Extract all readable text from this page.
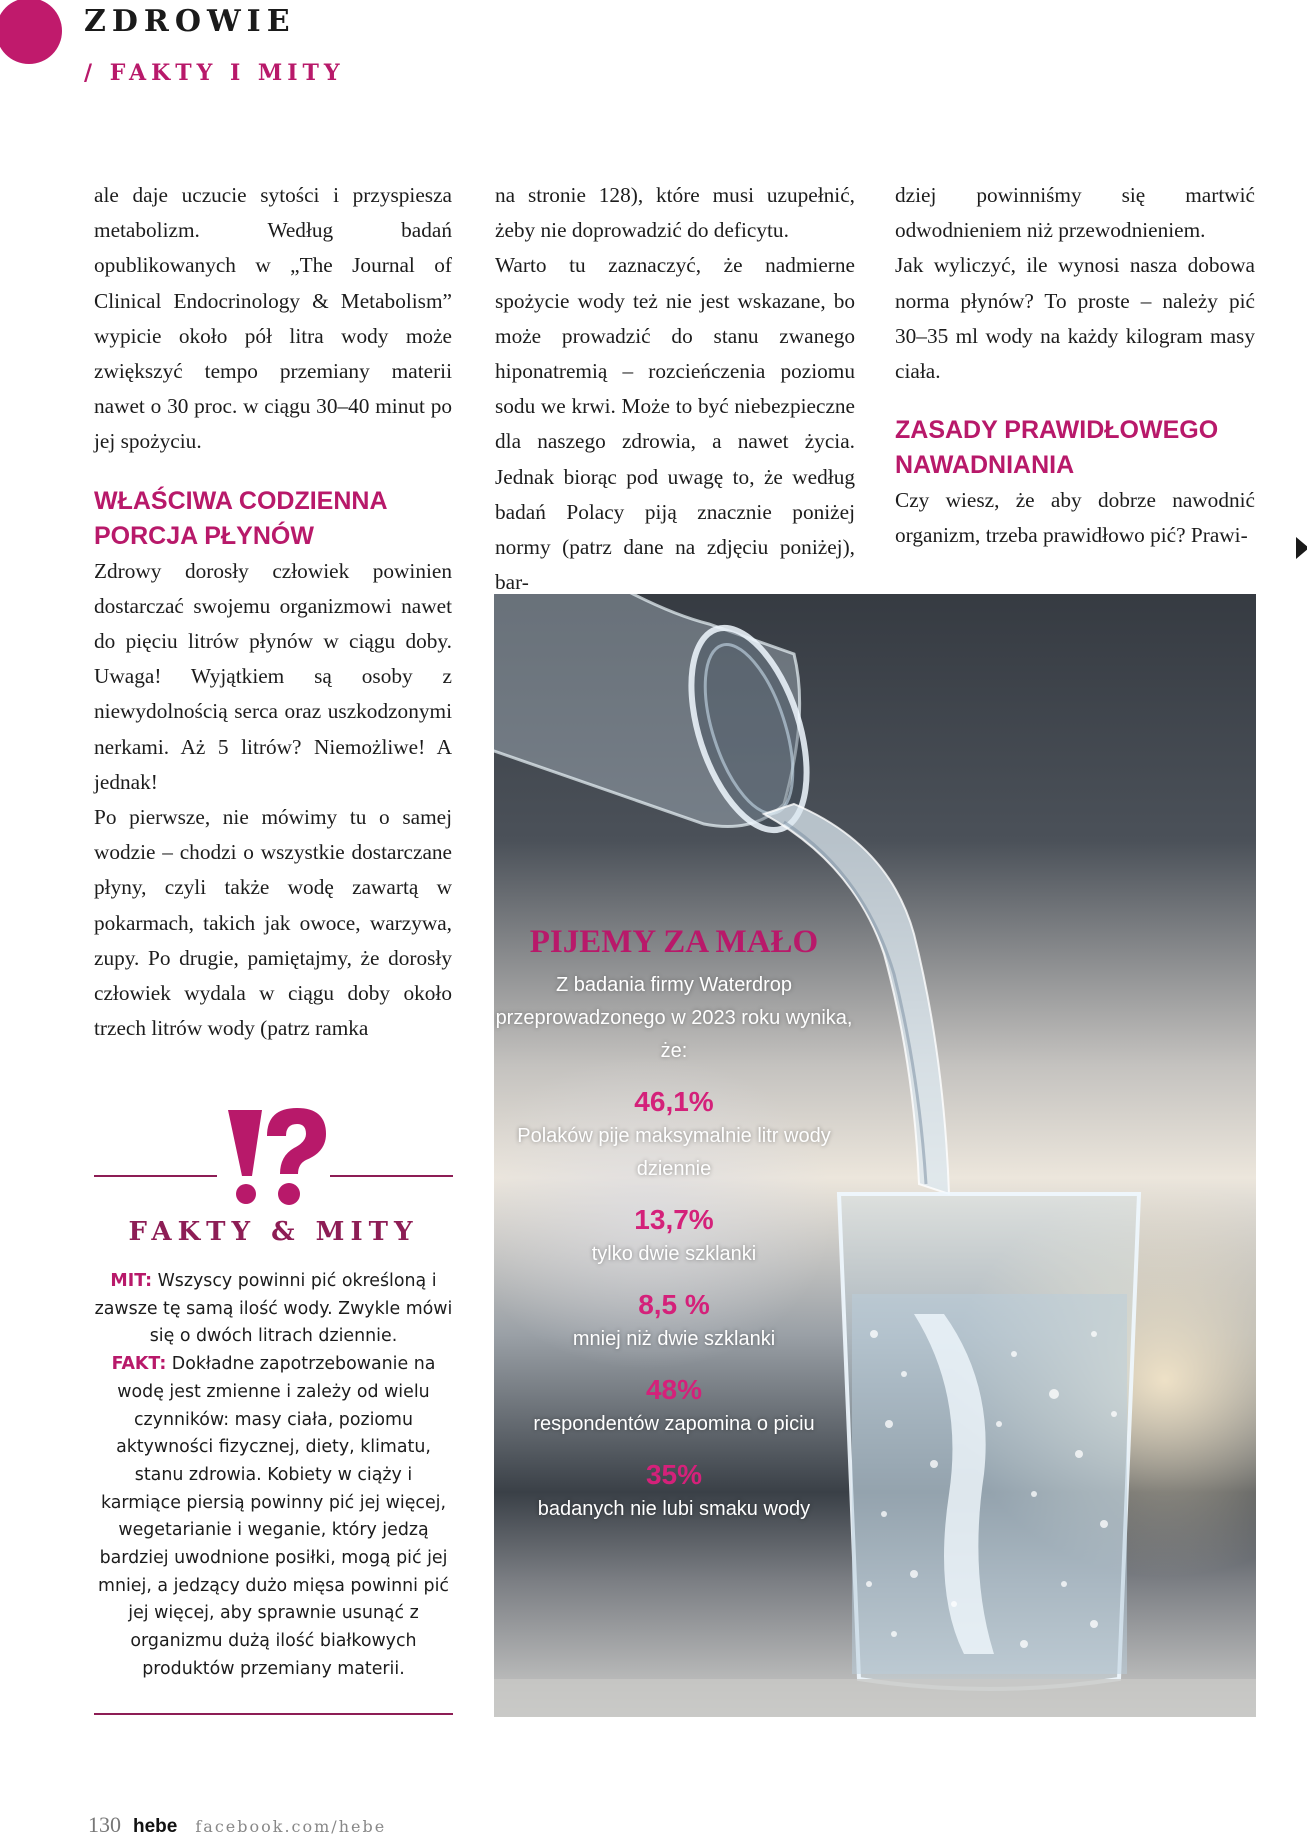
ZDROWIE
/ FAKTY I MITY

ale daje uczucie sytości i przyspiesza metabolizm. Według badań opublikowanych w „The Journal of Clinical Endocrinology & Metabolism” wypicie około pół litra wody może zwiększyć tempo przemiany materii nawet o 30 proc. w ciągu 30–40 minut po jej spożyciu.

WŁAŚCIWA CODZIENNA
PORCJA PŁYNÓW

Zdrowy dorosły człowiek powinien dostarczać swojemu organizmowi nawet do pięciu litrów płynów w ciągu doby. Uwaga! Wyjątkiem są osoby z niewydolnością serca oraz uszkodzonymi nerkami. Aż 5 litrów? Niemożliwe! A jednak!

Po pierwsze, nie mówimy tu o samej wodzie – chodzi o wszystkie dostarczane płyny, czyli także wodę zawartą w pokarmach, takich jak owoce, warzywa, zupy. Po drugie, pamiętajmy, że dorosły człowiek wydala w ciągu doby około trzech litrów wody (patrz ramka

na stronie 128), które musi uzupełnić, żeby nie doprowadzić do deficytu.

Warto tu zaznaczyć, że nadmierne spożycie wody też nie jest wskazane, bo może prowadzić do stanu zwanego hiponatremią – rozcieńczenia poziomu sodu we krwi. Może to być niebezpieczne dla naszego zdrowia, a nawet życia. Jednak biorąc pod uwagę to, że według badań Polacy piją znacznie poniżej normy (patrz dane na zdjęciu poniżej), bar-

dziej powinniśmy się martwić odwodnieniem niż przewodnieniem.

Jak wyliczyć, ile wynosi nasza dobowa norma płynów? To proste – należy pić 30–35 ml wody na każdy kilogram masy ciała.

ZASADY PRAWIDŁOWEGO
NAWADNIANIA

Czy wiesz, że aby dobrze nawodnić organizm, trzeba prawidłowo pić? Prawi-

PIJEMY ZA MAŁO
Z badania firmy Waterdrop przeprowadzonego w 2023 roku wynika, że:
46,1%
Polaków pije maksymalnie litr wody dziennie
13,7%
tylko dwie szklanki
8,5 %
mniej niż dwie szklanki
48%
respondentów zapomina o piciu
35%
badanych nie lubi smaku wody
FAKTY & MITY
MIT: Wszyscy powinni pić określoną i zawsze tę samą ilość wody. Zwykle mówi się o dwóch litrach dziennie.
FAKT: Dokładne zapotrzebowanie na wodę jest zmienne i zależy od wielu czynników: masy ciała, poziomu aktywności fizycznej, diety, klimatu, stanu zdrowia. Kobiety w ciąży i karmiące piersią powinny pić jej więcej, wegetarianie i weganie, który jedzą bardziej uwodnione posiłki, mogą pić jej mniej, a jedzący dużo mięsa powinni pić jej więcej, aby sprawnie usunąć z organizmu dużą ilość białkowych produktów przemiany materii.
130 hebe facebook.com/hebe
